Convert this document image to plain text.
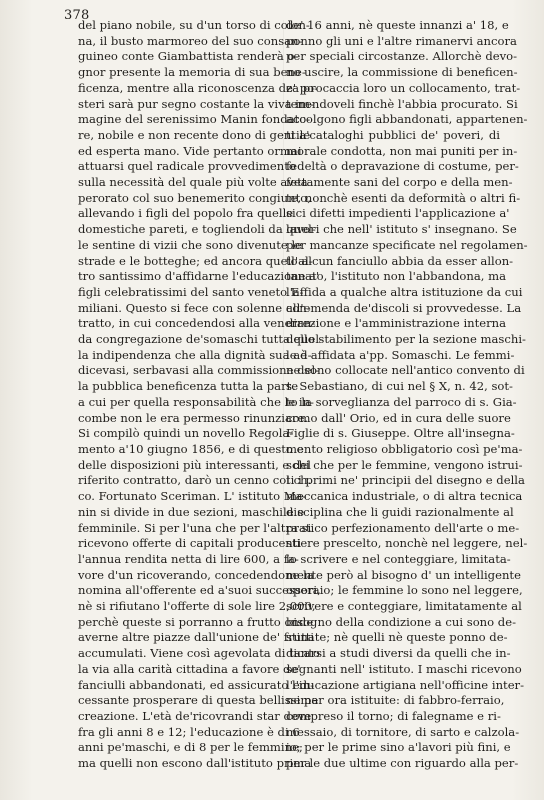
378
del piano nobile, su d'un torso di colon-
na, il busto marmoreo del suo consan-
guineo conte Giambattista renderà o-
gnor presente la memoria di sua bene-
ficenza, mentre alla riconoscenza de' po-
steri sarà pur segno costante la viva im-
magine del serenissimo Manin fondato-
re, nobile e non recente dono di gentile
ed esperta mano. Vide pertanto ormai
attuarsi quel radicale provvedimento
sulla necessità del quale più volte avea
perorato col suo benemerito congiunto,
allevando i figli del popolo fra quelle
domestiche pareti, e togliendoli da quel-
le sentine di vizii che sono divenute le
strade e le botteghe; ed ancora quell'al-
tro santissimo d'affidarne l'educazione a'
figli celebratissimi del santo veneto E-
miliani. Questo si fece con solenne con-
tratto, in cui concedendosi alla veneran-
da congregazione de'somaschi tutta quel-
la indipendenza che alla dignità sua ad-
dicevasi, serbavasi alla commissione del-
la pubblica beneficenza tutta la parte
a cui per quella responsabilità che le in-
combe non le era permesso rinunziare.
Si compilò quindi un novello Regola-
mento a'10 giugno 1856, e di questo e
delle disposizioni più interessanti, e del
riferito contratto, darò un cenno col ch.
co. Fortunato Sceriman. L' istituto Ma-
nin si divide in due sezioni, maschile e
femminile. Si per l'una che per l'altra si
ricevono offerte di capitali producenti
l'annua rendita netta di lire 600, a fa-
vore d'un ricoverando, concedendone la
nomina all'offerente ed a'suoi successori,
nè si rifiutano l'offerte di sole lire 2,000,
perchè queste si porranno a frutto onde
averne altre piazze dall'unione de' frutti
accumulati. Viene così agevolata di tanto
la via alla carità cittadina a favore de'
fanciulli abbandonati, ed assicurato l'in-
cessante prosperare di questa bellissima
creazione. L'età de'ricovrandi star deve
fra gli anni 8 e 12; l'educazione è di 6
anni pe'maschi, e di 8 per le femmine;
ma quelli non escono dall'istituto prima
de' 16 anni, nè queste innanzi a' 18, e
ponno gli uni e l'altre rimanervi ancora
per speciali circostanze. Allorchè devo-
no uscire, la commissione di beneficen-
za procaccia loro un collocamento, trat-
tenendoveli finchè l'abbia procurato. Si
accolgono figli abbandonati, appartenen-
ti a'cataloghi pubblici de' poveri, di
morale condotta, non mai puniti per in-
fedeltà o depravazione di costume, per-
fettamente sani del corpo e della men-
te, nonchè esenti da deformità o altri fi-
sici difetti impedienti l'applicazione a'
lavori che nell' istituto s' insegnano. Se
per mancanze specificate nel regolamen-
to alcun fanciullo abbia da esser allon-
tanato, l'istituto non l'abbandona, ma
l'affida a qualche altra istituzione da cui
all'emenda de'discoli si provvedesse. La
direzione e l'amministrazione interna
dello stabilimento per la sezione maschi-
le è affidata a'pp. Somaschi. Le femmi-
ne sono collocate nell'antico convento di
s. Sebastiano, di cui nel § X, n. 42, sot-
to la sorveglianza del parroco di s. Gia-
como dall' Orio, ed in cura delle suore
Figlie di s. Giuseppe. Oltre all'insegna-
mento religioso obbligatorio così pe'ma-
schi che per le femmine, vengono istrui-
ti i primi ne' principii del disegno e della
meccanica industriale, o di altra tecnica
disciplina che li guidi razionalmente al
pratico perfezionamento dell'arte o me-
stiere prescelto, nonchè nel leggere, nel-
lo scrivere e nel conteggiare, limitata-
mente però al bisogno d' un intelligente
operaio; le femmine lo sono nel leggere,
scrivere e conteggiare, limitatamente al
bisogno della condizione a cui sono de-
stinate; nè quelli nè queste ponno de-
dicarsi a studi diversi da quelli che in-
segnanti nell' istituto. I maschi ricevono
l'educazione artigiana nell'officine inter-
ne per ora istituite: di fabbro-ferraio,
compreso il torno; di falegname e ri-
messaio, di tornitore, di sarto e calzola-
io; per le prime sino a'lavori più fini, e
per le due ultime con riguardo alla per-
